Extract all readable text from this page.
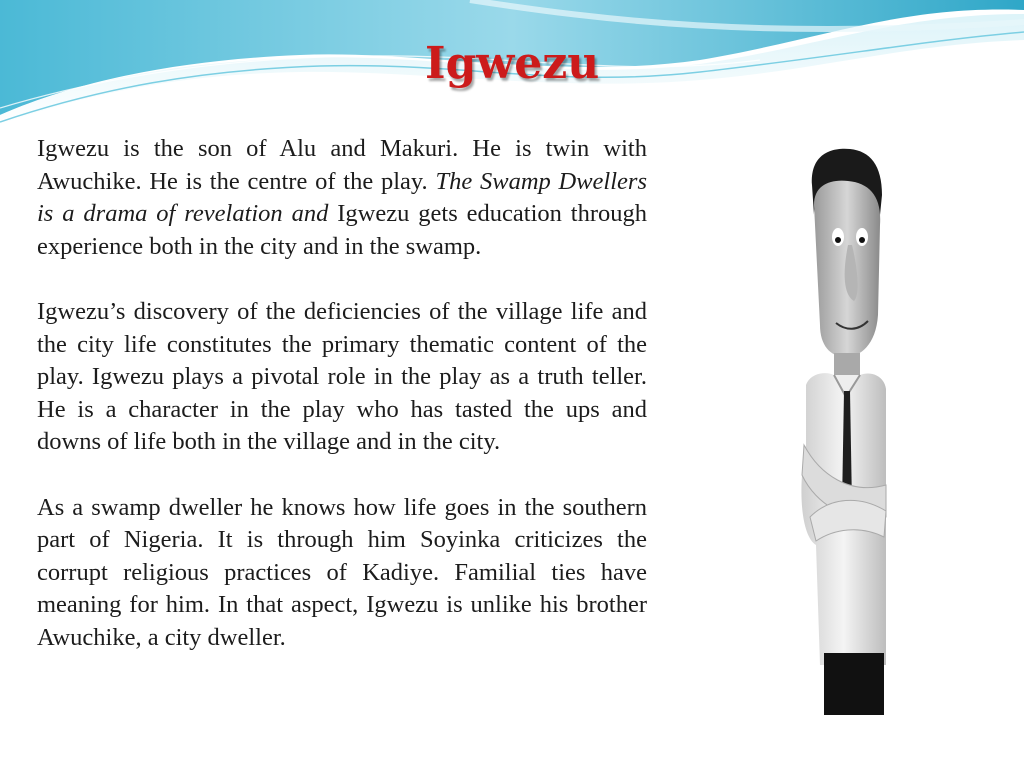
Igwezu

Igwezu is the son of Alu and Makuri. He is twin with Awuchike. He is the centre of the play. The Swamp Dwellers is a drama of revelation and Igwezu gets education through experience both in the city and in the swamp.

Igwezu’s discovery of the deficiencies of the village life and the city life constitutes the primary thematic content of the play. Igwezu plays a pivotal role in the play as a truth teller. He is a character in the play who has tasted the ups and downs of life both in the village and in the city.

As a swamp dweller he knows how life goes in the southern part of Nigeria. It is through him Soyinka criticizes the corrupt religious practices of Kadiye. Familial ties have meaning for him. In that aspect, Igwezu is unlike his brother Awuchike, a city dweller.
